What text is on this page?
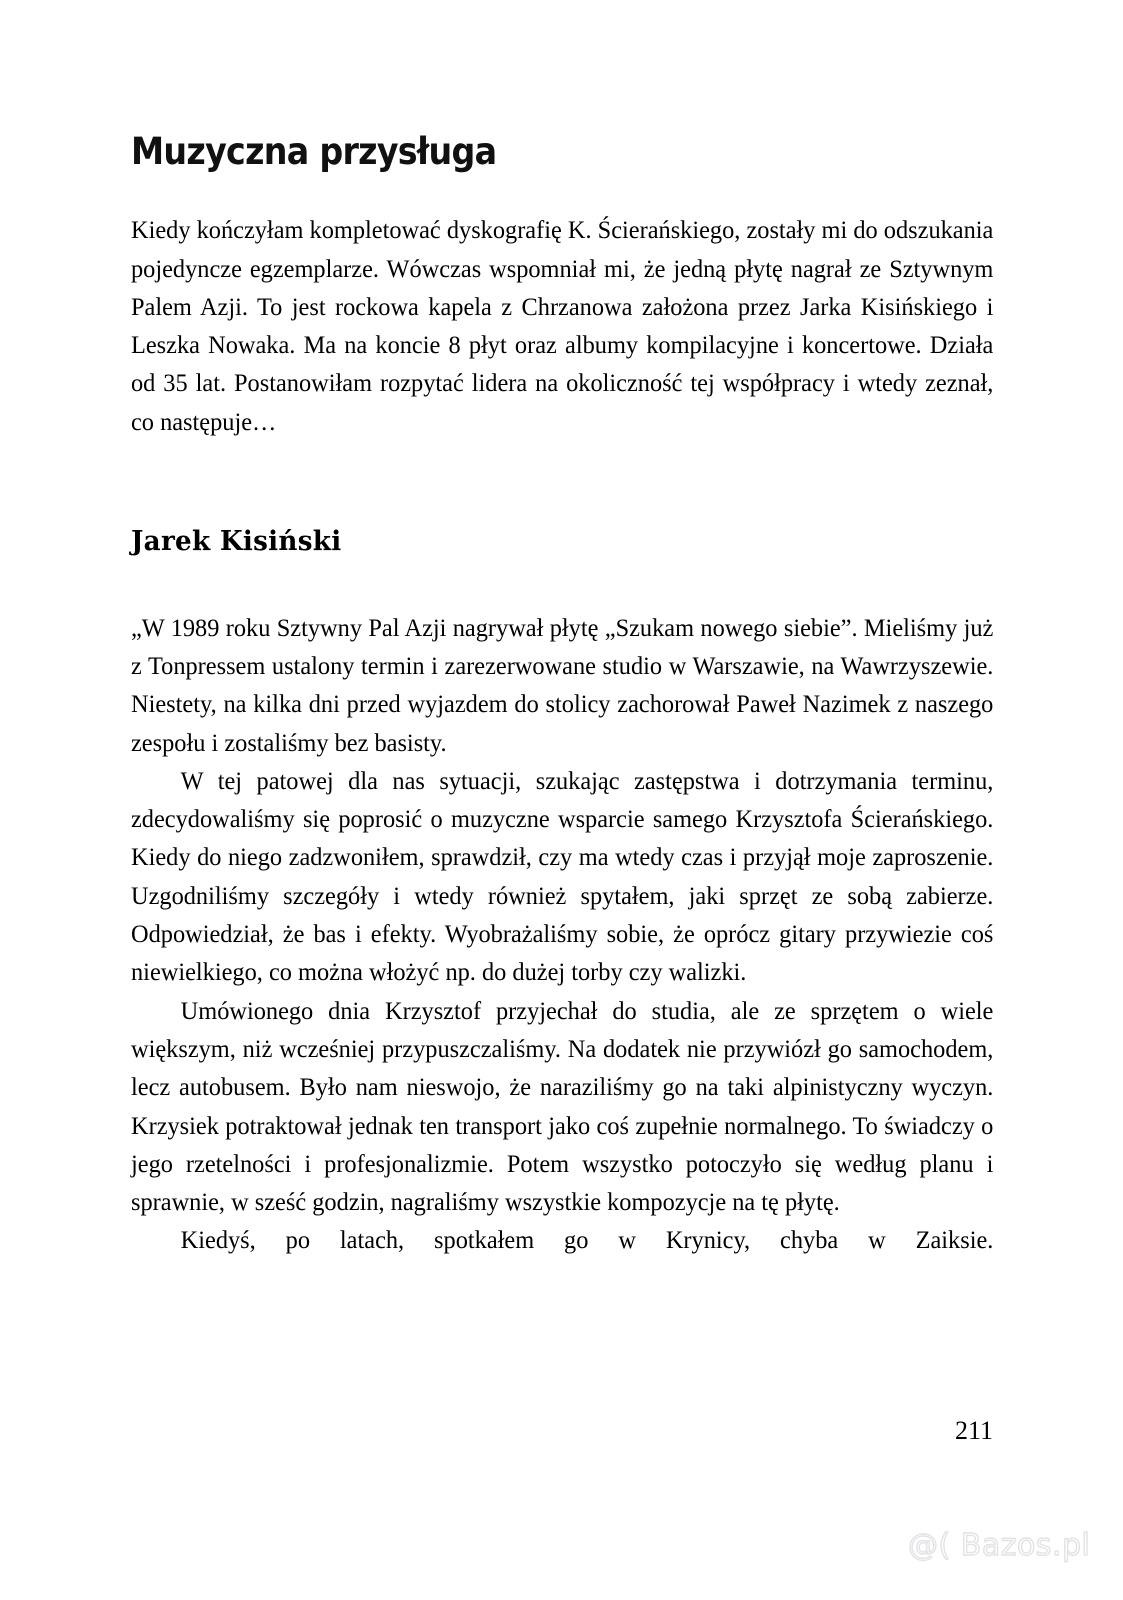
Muzyczna przysługa

Kiedy kończyłam kompletować dyskografię K. Ścierańskiego, zostały mi do odszukania pojedyncze egzemplarze. Wówczas wspomniał mi, że jedną płytę nagrał ze Sztywnym Palem Azji. To jest rockowa kapela z Chrzanowa założona przez Jarka Kisińskiego i Leszka Nowaka. Ma na koncie 8 płyt oraz albumy kompilacyjne i koncertowe. Działa od 35 lat. Postanowiłam rozpytać lidera na okoliczność tej współpracy i wtedy zeznał, co następuje…

Jarek Kisiński

„W 1989 roku Sztywny Pal Azji nagrywał płytę „Szukam nowego siebie”. Mieliśmy już z Tonpressem ustalony termin i zarezerwowane studio w Warszawie, na Wawrzyszewie. Niestety, na kilka dni przed wyjazdem do stolicy zachorował Paweł Nazimek z naszego zespołu i zostaliśmy bez basisty.

W tej patowej dla nas sytuacji, szukając zastępstwa i dotrzymania terminu, zdecydowaliśmy się poprosić o muzyczne wsparcie samego Krzysztofa Ścierańskiego. Kiedy do niego zadzwoniłem, sprawdził, czy ma wtedy czas i przyjął moje zaproszenie. Uzgodniliśmy szczegóły i wtedy również spytałem, jaki sprzęt ze sobą zabierze. Odpowiedział, że bas i efekty. Wyobrażaliśmy sobie, że oprócz gitary przywiezie coś niewielkiego, co można włożyć np. do dużej torby czy walizki.

Umówionego dnia Krzysztof przyjechał do studia, ale ze sprzętem o wiele większym, niż wcześniej przypuszczaliśmy. Na dodatek nie przywiózł go samochodem, lecz autobusem. Było nam nieswojo, że naraziliśmy go na taki alpinistyczny wyczyn. Krzysiek potraktował jednak ten transport jako coś zupełnie normalnego. To świadczy o jego rzetelności i profesjonalizmie. Potem wszystko potoczyło się według planu i sprawnie, w sześć godzin, nagraliśmy wszystkie kompozycje na tę płytę.

Kiedyś, po latach, spotkałem go w Krynicy, chyba w Zaiksie.

211
@( Bazos.pl
